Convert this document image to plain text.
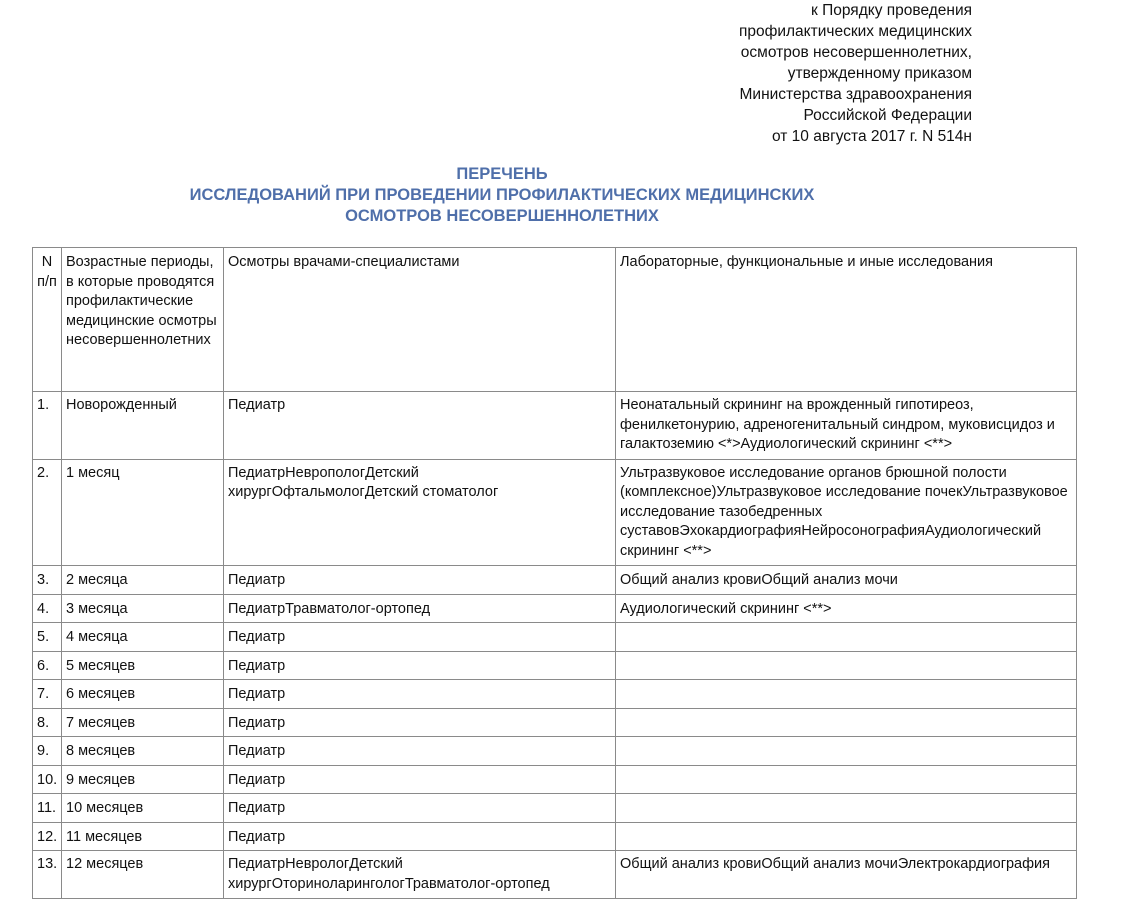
к Порядку проведения
профилактических медицинских
осмотров несовершеннолетних,
утвержденному приказом
Министерства здравоохранения
Российской Федерации
от 10 августа 2017 г. N 514н
ПЕРЕЧЕНЬ
ИССЛЕДОВАНИЙ ПРИ ПРОВЕДЕНИИ ПРОФИЛАКТИЧЕСКИХ МЕДИЦИНСКИХ
ОСМОТРОВ НЕСОВЕРШЕННОЛЕТНИХ
N п/п	Возрастные периоды, в которые проводятся профилактические медицинские осмотры несовершеннолетних	Осмотры врачами-специалистами	Лабораторные, функциональные и иные исследования
1.	Новорожденный	Педиатр	Неонатальный скрининг на врожденный гипотиреоз, фенилкетонурию, адреногенитальный синдром, муковисцидоз и галактоземию <*>Аудиологический скрининг <**>
2.	1 месяц	ПедиатрНевропологДетский хирургОфтальмологДетский стоматолог	Ультразвуковое исследование органов брюшной полости (комплексное)Ультразвуковое исследование почекУльтразвуковое исследование тазобедренных суставовЭхокардиографияНейросонографияАудиологический скрининг <**>
3.	2 месяца	Педиатр	Общий анализ кровиОбщий анализ мочи
4.	3 месяца	ПедиатрТравматолог-ортопед	Аудиологический скрининг <**>
5.	4 месяца	Педиатр	
6.	5 месяцев	Педиатр	
7.	6 месяцев	Педиатр	
8.	7 месяцев	Педиатр	
9.	8 месяцев	Педиатр	
10.	9 месяцев	Педиатр	
11.	10 месяцев	Педиатр	
12.	11 месяцев	Педиатр	
13.	12 месяцев	ПедиатрНеврологДетский хирургОториноларингологТравматолог-ортопед	Общий анализ кровиОбщий анализ мочиЭлектрокардиография
